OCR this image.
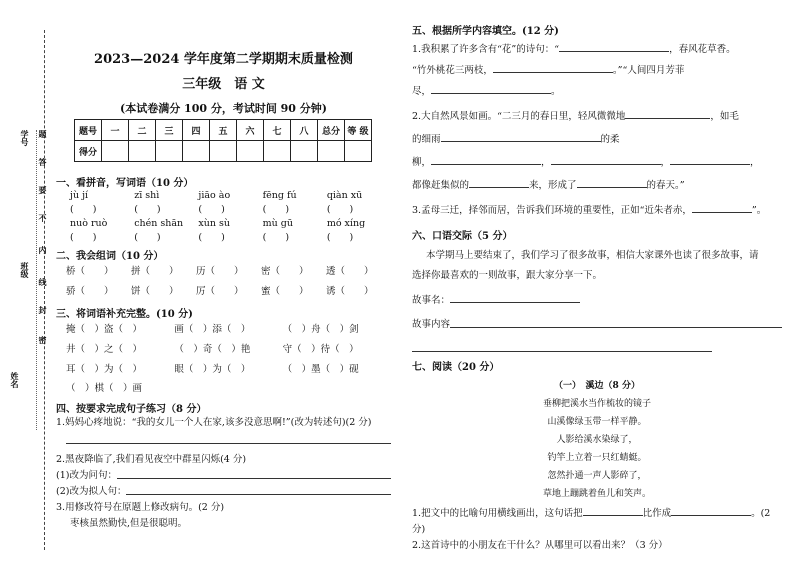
学号 题
答
要
不
内
线
封
密
班级
姓名
2023—2024 学年度第二学期期末质量检测
三年级　语 文
(本试卷满分 100 分，考试时间 90 分钟)
题号	一	二	三	四	五	六	七	八	总分	等 级
得分										
一、看拼音，写词语（10 分）
jù jí	zī shì	jiāo ào	fēng fú	qiàn xū
(　　)	(　　)	(　　)	(　　)	(　　)
nuò ruò	chén shān	xùn sù	mù gū	mó xíng
(　　)	(　　)	(　　)	(　　)	(　　)
二、我会组词（10 分）
桥（　　）	拼（　　）	历（　　）	密（　　）	透（　　）
骄（　　）	饼（　　）	厉（　　）	蜜（　　）	诱（　　）
三、将词语补充完整。(10 分)
掩（　）盗（　）	画（　）添（　）	（　）舟（　）剑
井（　）之（　）	（　）奇（　）艳	守（　）待（　）
耳（　）为（　）	眼（　）为（　）	（　）墨（　）砚
（　）棋（　）画
四、按要求完成句子练习（8 分）
1.妈妈心疼地说：“我的女儿一个人在家,该多没意思啊!”(改为转述句)(2 分)
2.黑夜降临了,我们看见夜空中群星闪烁(4 分)
(1)改为问句：
(2)改为拟人句：
3.用修改符号在原题上修改病句。(2 分)
枣核虽然勤快,但是很聪明。
五、根据所学内容填空。(12 分)
1.我积累了许多含有“花”的诗句：“	，春风花草香。
“竹外桃花三两枝，	。”“人间四月芳菲
尽，	。
2.大自然风景如画。“二三月的春日里，轻风微微地	，如毛
的细雨	的柔
柳，	，	，	，
都像赶集似的	来，形成了	的春天。”
3.孟母三迁，择邻而居，告诉我们环境的重要性，正如“近朱者赤，	”。
六、口语交际（5 分）
本学期马上要结束了，我们学习了很多故事，相信大家课外也读了很多故事，请
选择你最喜欢的一则故事，跟大家分享一下。
故事名：
故事内容
七、阅读（20 分）
（一）　溪边（8 分）
垂柳把溪水当作梳妆的镜子
山溪像绿玉带一样平静。
人影给溪水染绿了，
钓竿上立着一只红蜻蜓。
忽然扑通一声人影碎了，
草地上蹦跳着鱼儿和笑声。
1.把文中的比喻句用横线画出，这句话把	比作成	。(2 分)
2.这首诗中的小朋友在干什么？从哪里可以看出来？（3 分）
